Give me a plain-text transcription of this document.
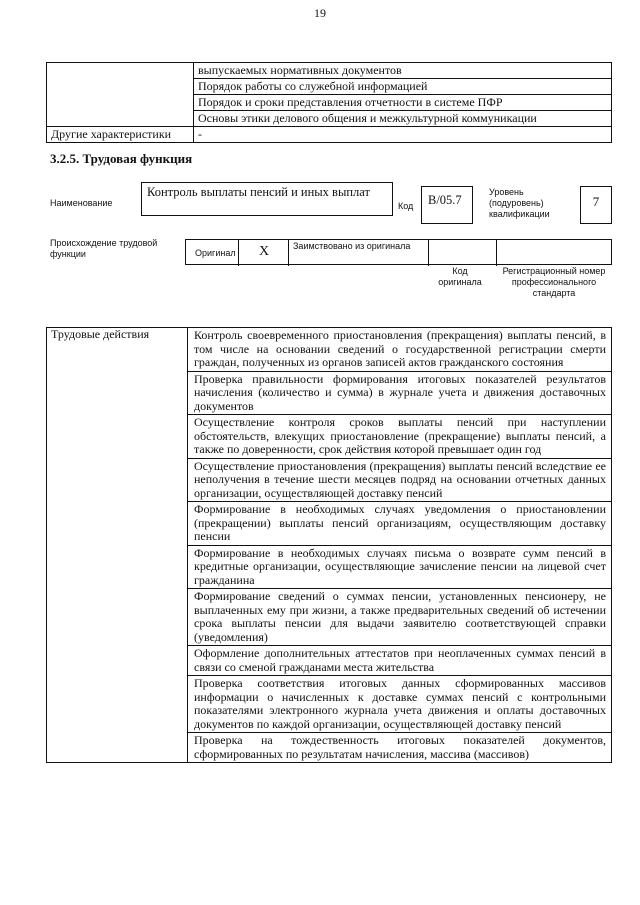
19
	выпускаемых нормативных документов
	Порядок работы со служебной информацией
	Порядок и сроки представления отчетности в системе ПФР
	Основы этики делового общения и межкультурной коммуникации
Другие характеристики	-
3.2.5. Трудовая функция
Наименование
Контроль выплаты пенсий и иных выплат
Код	B/05.7
Уровень (подуровень) квалификации
7
Происхождение трудовой функции	Оригинал X	Заимствовано из оригинала
Код оригинала
Регистрационный номер профессионального стандарта
Трудовые действия	Контроль своевременного приостановления (прекращения) выплаты пенсий, в том числе на основании сведений о государственной регистрации смерти граждан, полученных из органов записей актов гражданского состояния
Проверка правильности формирования итоговых показателей результатов начисления (количество и сумма) в журнале учета и движения доставочных документов
Осуществление контроля сроков выплаты пенсий при наступлении обстоятельств, влекущих приостановление (прекращение) выплаты пенсий, а также по доверенности, срок действия которой превышает один год
Осуществление приостановления (прекращения) выплаты пенсий вследствие ее неполучения в течение шести месяцев подряд на основании отчетных данных организации, осуществляющей доставку пенсий
Формирование в необходимых случаях уведомления о приостановлении (прекращении) выплаты пенсий организациям, осуществляющим доставку пенсии
Формирование в необходимых случаях письма о возврате сумм пенсий в кредитные организации, осуществляющие зачисление пенсии на лицевой счет гражданина
Формирование сведений о суммах пенсии, установленных пенсионеру, не выплаченных ему при жизни, а также предварительных сведений об истечении срока выплаты пенсии для выдачи заявителю соответствующей справки (уведомления)
Оформление дополнительных аттестатов при неоплаченных суммах пенсий в связи со сменой гражданами места жительства
Проверка соответствия итоговых данных сформированных массивов информации о начисленных к доставке суммах пенсий с контрольными показателями электронного журнала учета движения и оплаты доставочных документов по каждой организации, осуществляющей доставку пенсий
Проверка на тождественность итоговых показателей документов, сформированных по результатам начисления, массива (массивов)
